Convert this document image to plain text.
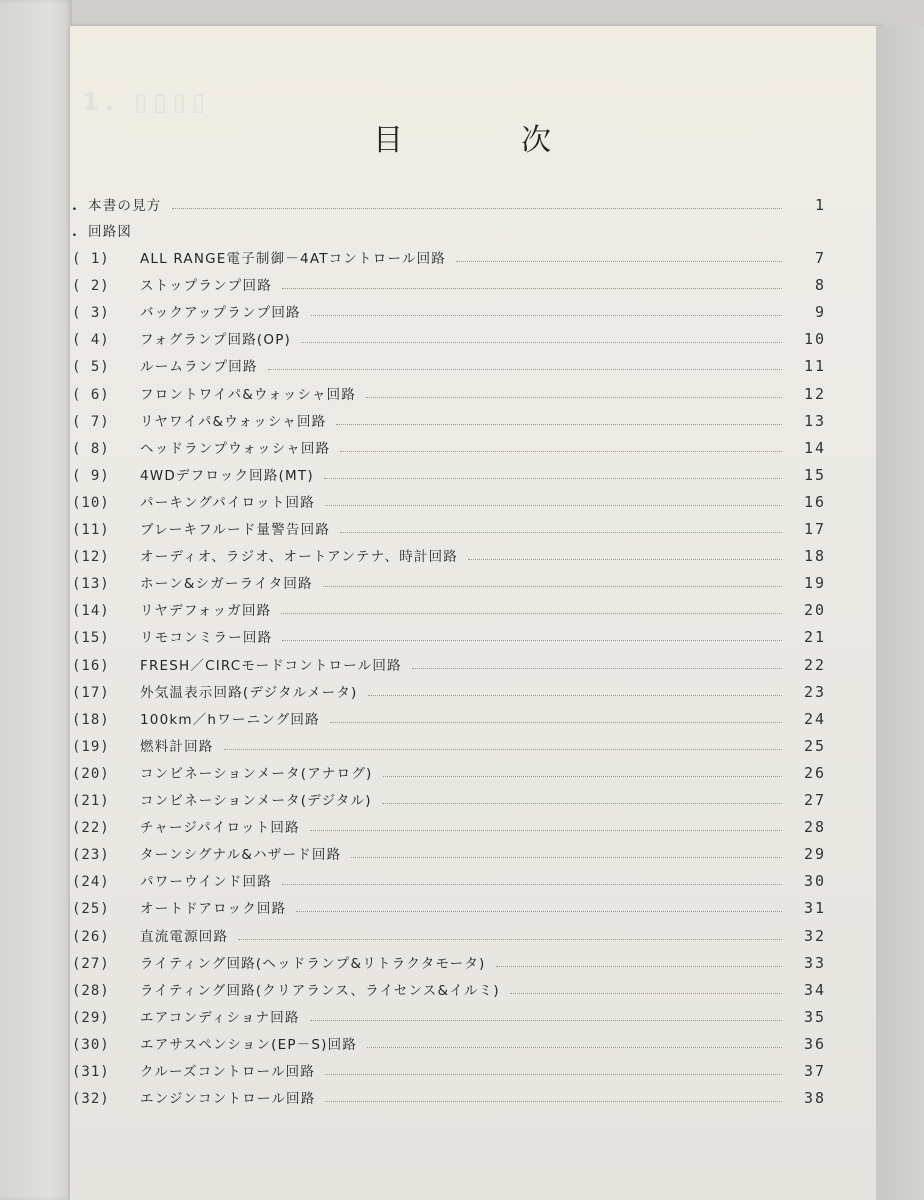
1. ▯▯▯▯
目	次
. 本書の見方	1
. 回路図
( 1)	ALL RANGE電子制御－4ATコントロール回路	7
( 2)	ストップランプ回路	8
( 3)	バックアップランプ回路	9
( 4)	フォグランプ回路(OP)	10
( 5)	ルームランプ回路	11
( 6)	フロントワイパ&ウォッシャ回路	12
( 7)	リヤワイパ&ウォッシャ回路	13
( 8)	ヘッドランプウォッシャ回路	14
( 9)	4WDデフロック回路(MT)	15
(10)	パーキングパイロット回路	16
(11)	ブレーキフルード量警告回路	17
(12)	オーディオ、ラジオ、オートアンテナ、時計回路	18
(13)	ホーン&シガーライタ回路	19
(14)	リヤデフォッガ回路	20
(15)	リモコンミラー回路	21
(16)	FRESH／CIRCモードコントロール回路	22
(17)	外気温表示回路(デジタルメータ)	23
(18)	100km／hワーニング回路	24
(19)	燃料計回路	25
(20)	コンビネーションメータ(アナログ)	26
(21)	コンビネーションメータ(デジタル)	27
(22)	チャージパイロット回路	28
(23)	ターンシグナル&ハザード回路	29
(24)	パワーウインド回路	30
(25)	オートドアロック回路	31
(26)	直流電源回路	32
(27)	ライティング回路(ヘッドランプ&リトラクタモータ)	33
(28)	ライティング回路(クリアランス、ライセンス&イルミ)	34
(29)	エアコンディショナ回路	35
(30)	エアサスペンション(EP－S)回路	36
(31)	クルーズコントロール回路	37
(32)	エンジンコントロール回路	38
